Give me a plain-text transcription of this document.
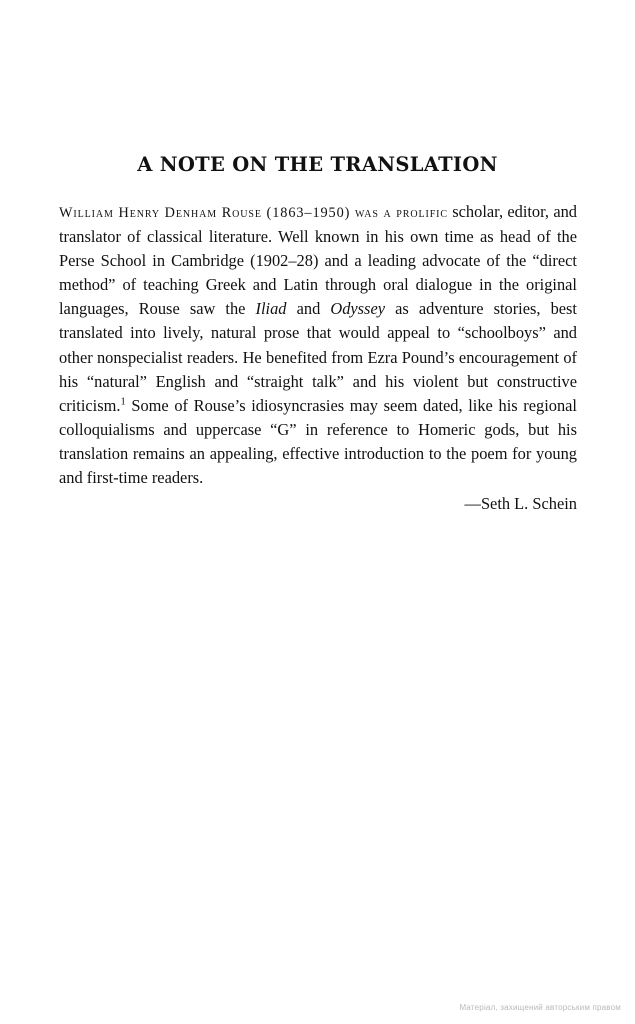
A NOTE ON THE TRANSLATION

William Henry Denham Rouse (1863–1950) was a prolific scholar, editor, and translator of classical literature. Well known in his own time as head of the Perse School in Cambridge (1902–28) and a leading advocate of the “direct method” of teaching Greek and Latin through oral dialogue in the original languages, Rouse saw the Iliad and Odyssey as adventure stories, best translated into lively, natural prose that would appeal to “schoolboys” and other nonspecialist readers. He benefited from Ezra Pound’s encouragement of his “natural” English and “straight talk” and his violent but constructive criticism.$^1$ Some of Rouse’s idiosyncrasies may seem dated, like his regional colloquialisms and uppercase “G” in reference to Homeric gods, but his translation remains an appealing, effective introduction to the poem for young and first-time readers.

—Seth L. Schein
Матеріал, захищений авторським правом
